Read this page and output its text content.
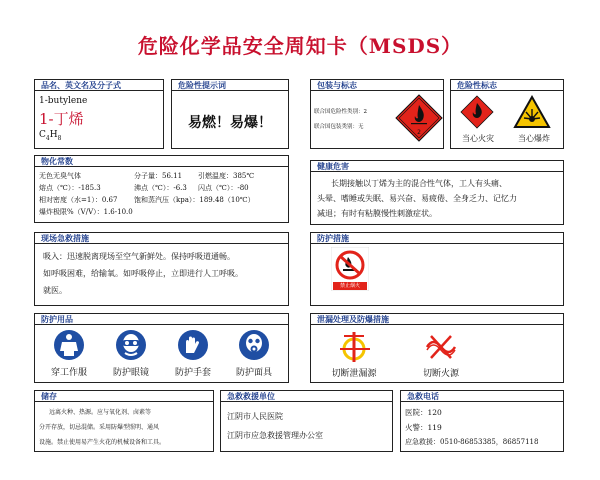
危险化学品安全周知卡（MSDS）
品名、英文名及分子式
1-butylene
1-丁烯
$C_4H_8$
危险性提示词
易燃！易爆！
包装与标志
联合国危险性类别：2
联合国包装类别：无
2
危险性标志
当心火灾	当心爆炸
物化常数
无色无臭气体	分子量：56.11 引燃温度：385℃
熔点（℃）：-185.3	沸点（℃）：-6.3 闪点（℃）：-80
相对密度（水=1）：0.67 饱和蒸汽压（kpa）：189.48（10℃）
爆炸极限%（V/V）：1.6-10.0
健康危害
长期接触以丁烯为主的混合性气体，工人有头痛、
头晕、嗜睡或失眠、易兴奋、易疲倦、全身乏力、记忆力
减退；有时有粘膜慢性刺激症状。
现场急救措施
吸入：迅速脱离现场至空气新鲜处。保持呼吸道通畅。
如呼吸困难，给输氧。如呼吸停止，立即进行人工呼吸。
就医。
防护措施
禁止烟火
防护用品
穿工作服	防护眼镜	防护手套	防护面具
泄漏处理及防爆措施
切断泄漏源	切断火源
储存
远离火种、热源。应与氧化剂、卤素等
分开存放，切忌混储。采用防爆型照明、通风
设施。禁止使用易产生火花的机械设备和工具。
急救救援单位
江阴市人民医院
江阴市应急救援管理办公室
急救电话
医院：120
火警：119
应急救援：0510-86853385，86857118
